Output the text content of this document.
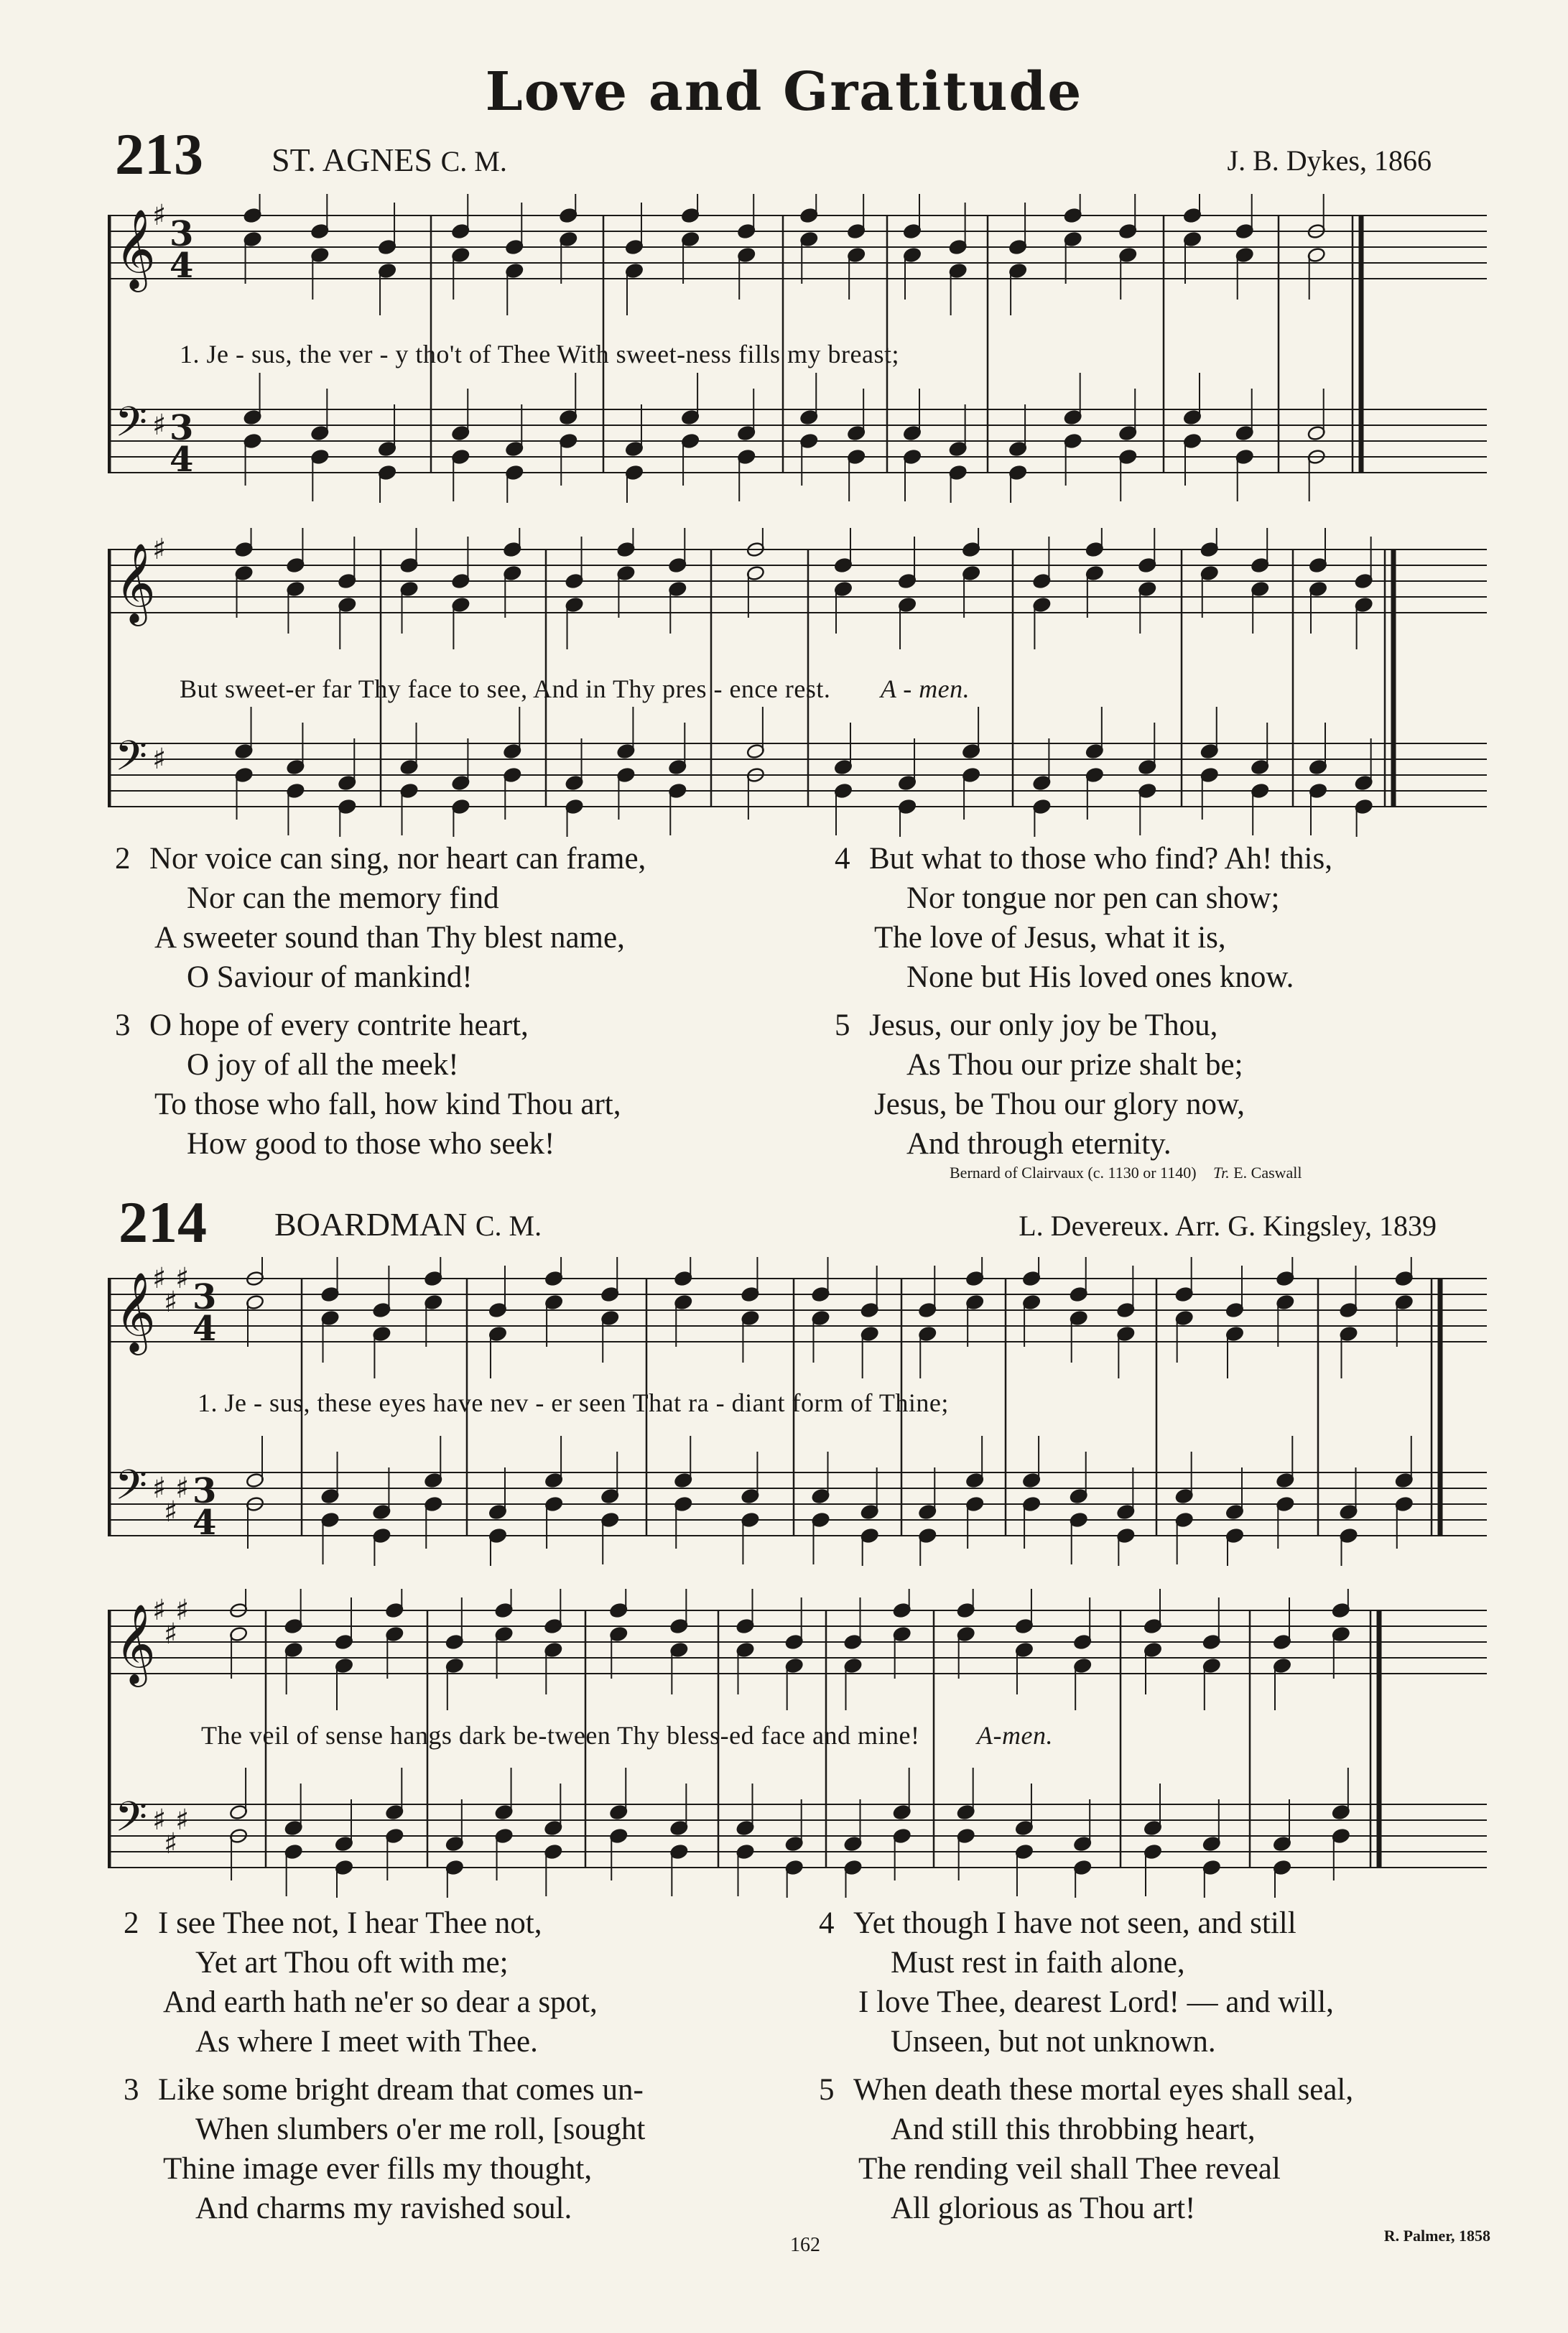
Love and Gratitude
213 ST. AGNES C. M.	J. B. Dykes, 1866
𝄞
♯ 3
4
𝄢 ♯ 3
4
1. Je - sus, the ver - y tho't of Thee With sweet-ness fills my breast;
𝄞
♯
𝄢 ♯
But sweet-er far Thy face to see, And in Thy pres - ence rest. A - men.
2 Nor voice can sing, nor heart can frame,
Nor can the memory find
A sweeter sound than Thy blest name,
O Saviour of mankind!
3 O hope of every contrite heart,
O joy of all the meek!
To those who fall, how kind Thou art,
How good to those who seek!
4 But what to those who find? Ah! this,
Nor tongue nor pen can show;
The love of Jesus, what it is,
None but His loved ones know.
5 Jesus, our only joy be Thou,
As Thou our prize shalt be;
Jesus, be Thou our glory now,
And through eternity.
Bernard of Clairvaux (c. 1130 or 1140) Tr. E. Caswall
214 BOARDMAN C. M.	L. Devereux. Arr. G. Kingsley, 1839
𝄞
♯
♯
♯ 3
4
𝄢 ♯
♯
♯ 3
4
1. Je - sus, these eyes have nev - er seen That ra - diant form of Thine;
𝄞
♯
♯
♯
𝄢 ♯
♯
♯
The veil of sense hangs dark be-tween Thy bless-ed face and mine! A-men.
2 I see Thee not, I hear Thee not,
Yet art Thou oft with me;
And earth hath ne'er so dear a spot,
As where I meet with Thee.
3 Like some bright dream that comes un-
When slumbers o'er me roll, [sought
Thine image ever fills my thought,
And charms my ravished soul.
4 Yet though I have not seen, and still
Must rest in faith alone,
I love Thee, dearest Lord! — and will,
Unseen, but not unknown.
5 When death these mortal eyes shall seal,
And still this throbbing heart,
The rending veil shall Thee reveal
All glorious as Thou art!
R. Palmer, 1858
162
